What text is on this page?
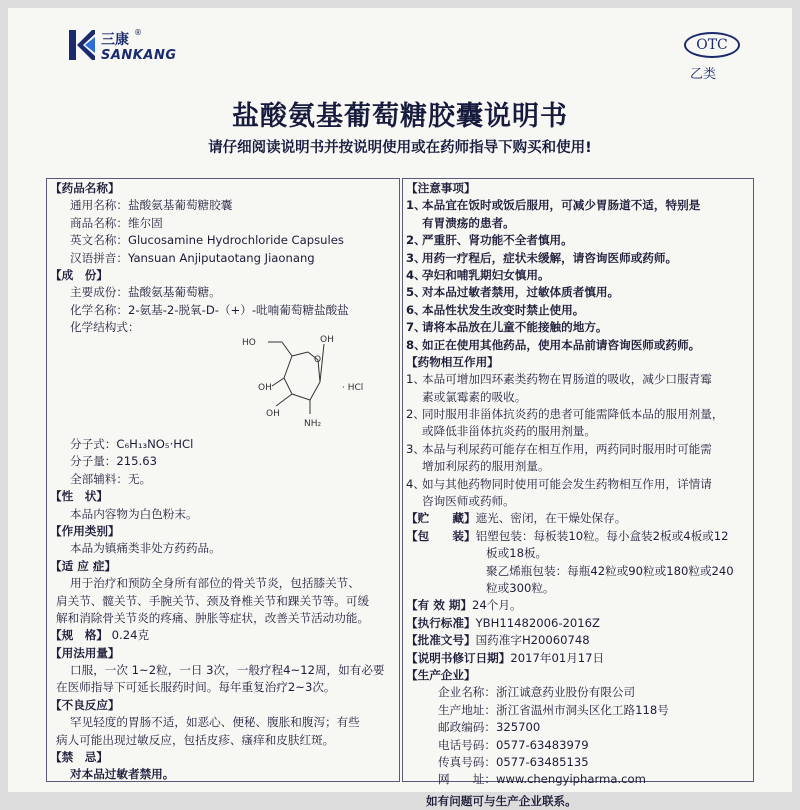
三康 ®
SANKANG
OTC
乙类
盐酸氨基葡萄糖胶囊说明书
请仔细阅读说明书并按说明使用或在药师指导下购买和使用!
【药品名称】
通用名称：盐酸氨基葡萄糖胶囊
商品名称：维尔固
英文名称：Glucosamine Hydrochloride Capsules
汉语拼音：Yansuan Anjiputaotang Jiaonang
【成　份】
主要成份：盐酸氨基葡萄糖。
化学名称：2-氨基-2-脱氧-D-（+）-吡喃葡萄糖盐酸盐
化学结构式：
HO
O
OH
OH
OH
NH₂
· HCl
分子式：C₆H₁₃NO₅·HCl
分子量：215.63
全部辅料：无。
【性　状】
本品内容物为白色粉末。
【作用类别】
本品为镇痛类非处方药药品。
【适 应 症】
用于治疗和预防全身所有部位的骨关节炎，包括膝关节、
肩关节、髋关节、手腕关节、颈及脊椎关节和踝关节等。可缓
解和消除骨关节炎的疼痛、肿胀等症状，改善关节活动功能。
【规　格】 0.24克
【用法用量】
口服，一次 1~2粒，一日 3次，一般疗程4~12周，如有必要
在医师指导下可延长服药时间。每年重复治疗2~3次。
【不良反应】
罕见轻度的胃肠不适，如恶心、便秘、腹胀和腹泻；有些
病人可能出现过敏反应，包括皮疹、瘙痒和皮肤红斑。
【禁　忌】
对本品过敏者禁用。
【注意事项】
1、本品宜在饭时或饭后服用，可减少胃肠道不适，特别是
有胃溃疡的患者。
2、严重肝、肾功能不全者慎用。
3、用药一疗程后，症状未缓解，请咨询医师或药师。
4、孕妇和哺乳期妇女慎用。
5、对本品过敏者禁用，过敏体质者慎用。
6、本品性状发生改变时禁止使用。
7、请将本品放在儿童不能接触的地方。
8、如正在使用其他药品，使用本品前请咨询医师或药师。
【药物相互作用】
1、本品可增加四环素类药物在胃肠道的吸收，减少口服青霉
素或氯霉素的吸收。
2、同时服用非甾体抗炎药的患者可能需降低本品的服用剂量，
或降低非甾体抗炎药的服用剂量。
3、本品与利尿药可能存在相互作用，两药同时服用时可能需
增加利尿药的服用剂量。
4、如与其他药物同时使用可能会发生药物相互作用，详情请
咨询医师或药师。
【贮　　藏】遮光、密闭，在干燥处保存。
【包　　装】铝塑包装：每板装10粒。每小盒装2板或4板或12
板或18板。
聚乙烯瓶包装：每瓶42粒或90粒或180粒或240
粒或300粒。
【有 效 期】24个月。
【执行标准】YBH11482006-2016Z
【批准文号】国药准字H20060748
【说明书修订日期】2017年01月17日
【生产企业】
企业名称：浙江诚意药业股份有限公司
生产地址：浙江省温州市洞头区化工路118号
邮政编码：325700
电话号码：0577-63483979
传真号码：0577-63485135
网　　址：www.chengyipharma.com
如有问题可与生产企业联系。
